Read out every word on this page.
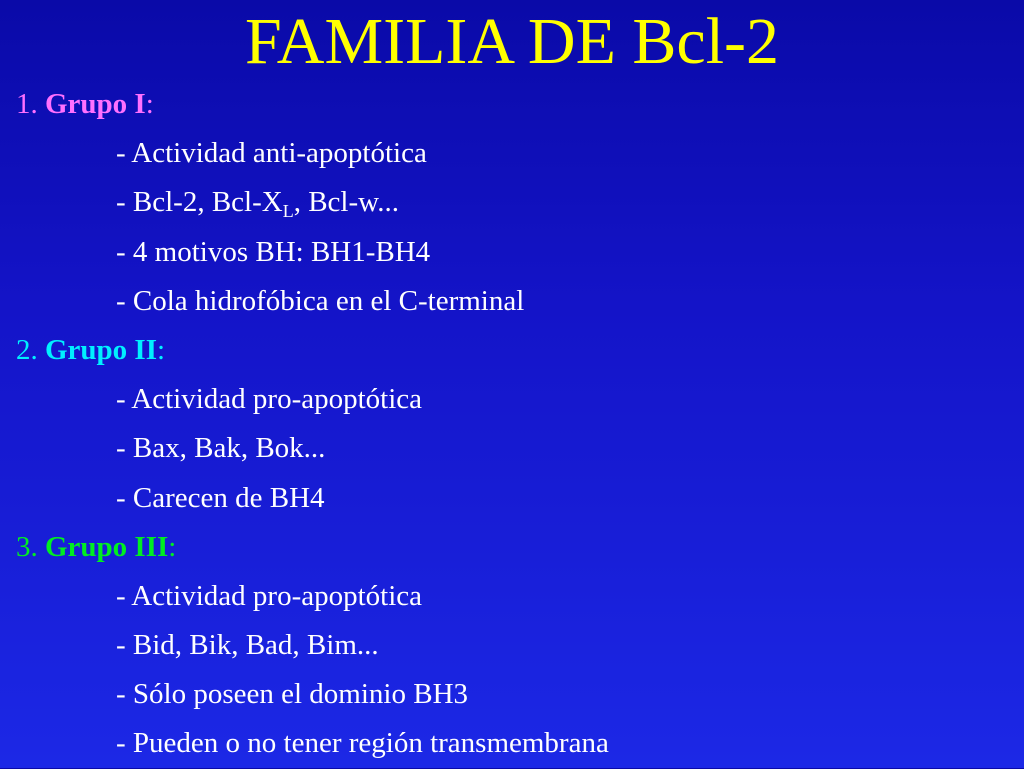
FAMILIA DE Bcl-2
1. Grupo I:
- Actividad anti-apoptótica
- Bcl-2, Bcl-$X_L$, Bcl-w...
- 4 motivos BH: BH1-BH4
- Cola hidrofóbica en el C-terminal
2. Grupo II:
- Actividad pro-apoptótica
- Bax, Bak, Bok...
- Carecen de BH4
3. Grupo III:
- Actividad pro-apoptótica
- Bid, Bik, Bad, Bim...
- Sólo poseen el dominio BH3
- Pueden o no tener región transmembrana
